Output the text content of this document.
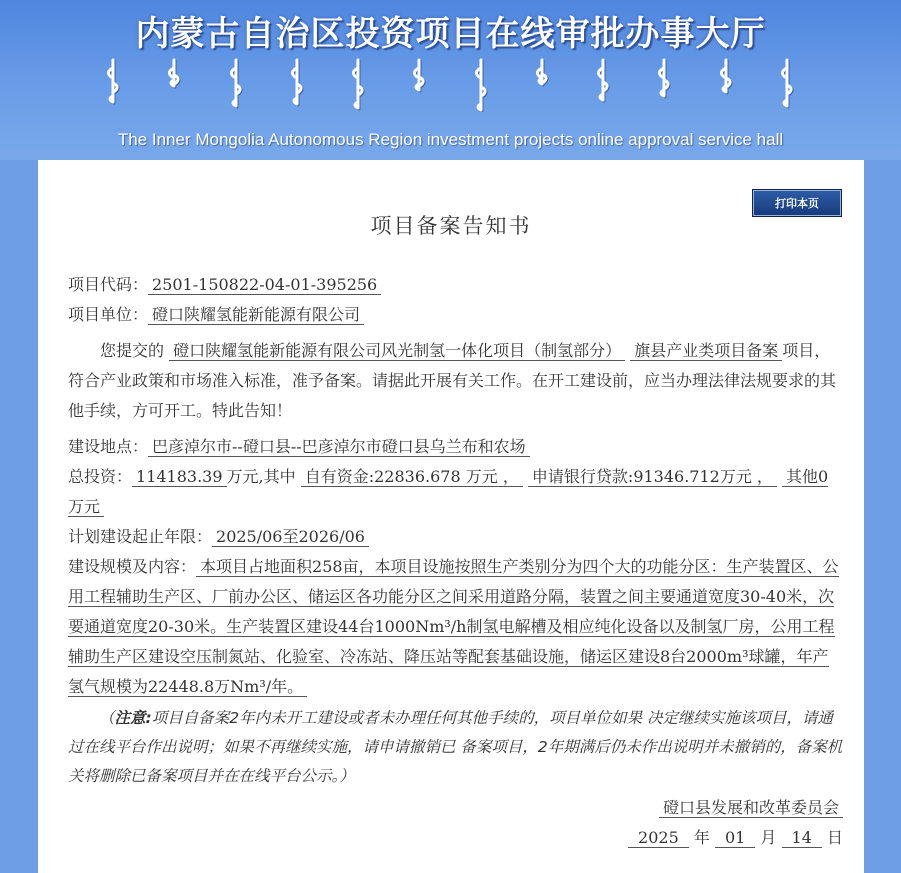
内蒙古自治区投资项目在线审批办事大厅
The Inner Mongolia Autonomous Region investment projects online approval service hall
打印本页
项目备案告知书

项目代码： 2501-150822-04-01-395256

项目单位： 磴口陕耀氢能新能源有限公司

您提交的 磴口陕耀氢能新能源有限公司风光制氢一体化项目（制氢部分） 旗县产业类项目备案 项目，符合产业政策和市场准入标准，准予备案。请据此开展有关工作。在开工建设前，应当办理法律法规要求的其他手续，方可开工。特此告知！

建设地点： 巴彦淖尔市--磴口县--巴彦淖尔市磴口县乌兰布和农场

总投资： 114183.39 万元,其中 自有资金:22836.678 万元 ， 申请银行贷款:91346.712万元 ， 其他0 万元

计划建设起止年限： 2025/06至2026/06

建设规模及内容： 本项目占地面积258亩，本项目设施按照生产类别分为四个大的功能分区：生产装置区、公用工程辅助生产区、厂前办公区、储运区各功能分区之间采用道路分隔，装置之间主要通道宽度30-40米，次要通道宽度20-30米。生产装置区建设44台1000Nm³/h制氢电解槽及相应纯化设备以及制氢厂房，公用工程辅助生产区建设空压制氮站、化验室、冷冻站、降压站等配套基础设施，储运区建设8台2000m³球罐，年产氢气规模为22448.8万Nm³/年。

（注意:项目自备案2年内未开工建设或者未办理任何其他手续的，项目单位如果 决定继续实施该项目，请通过在线平台作出说明；如果不再继续实施，请申请撤销已 备案项目，2年期满后仍未作出说明并未撤销的，备案机关将删除已备案项目并在在线平台公示。）

磴口县发展和改革委员会

2025 年 01 月 14 日
